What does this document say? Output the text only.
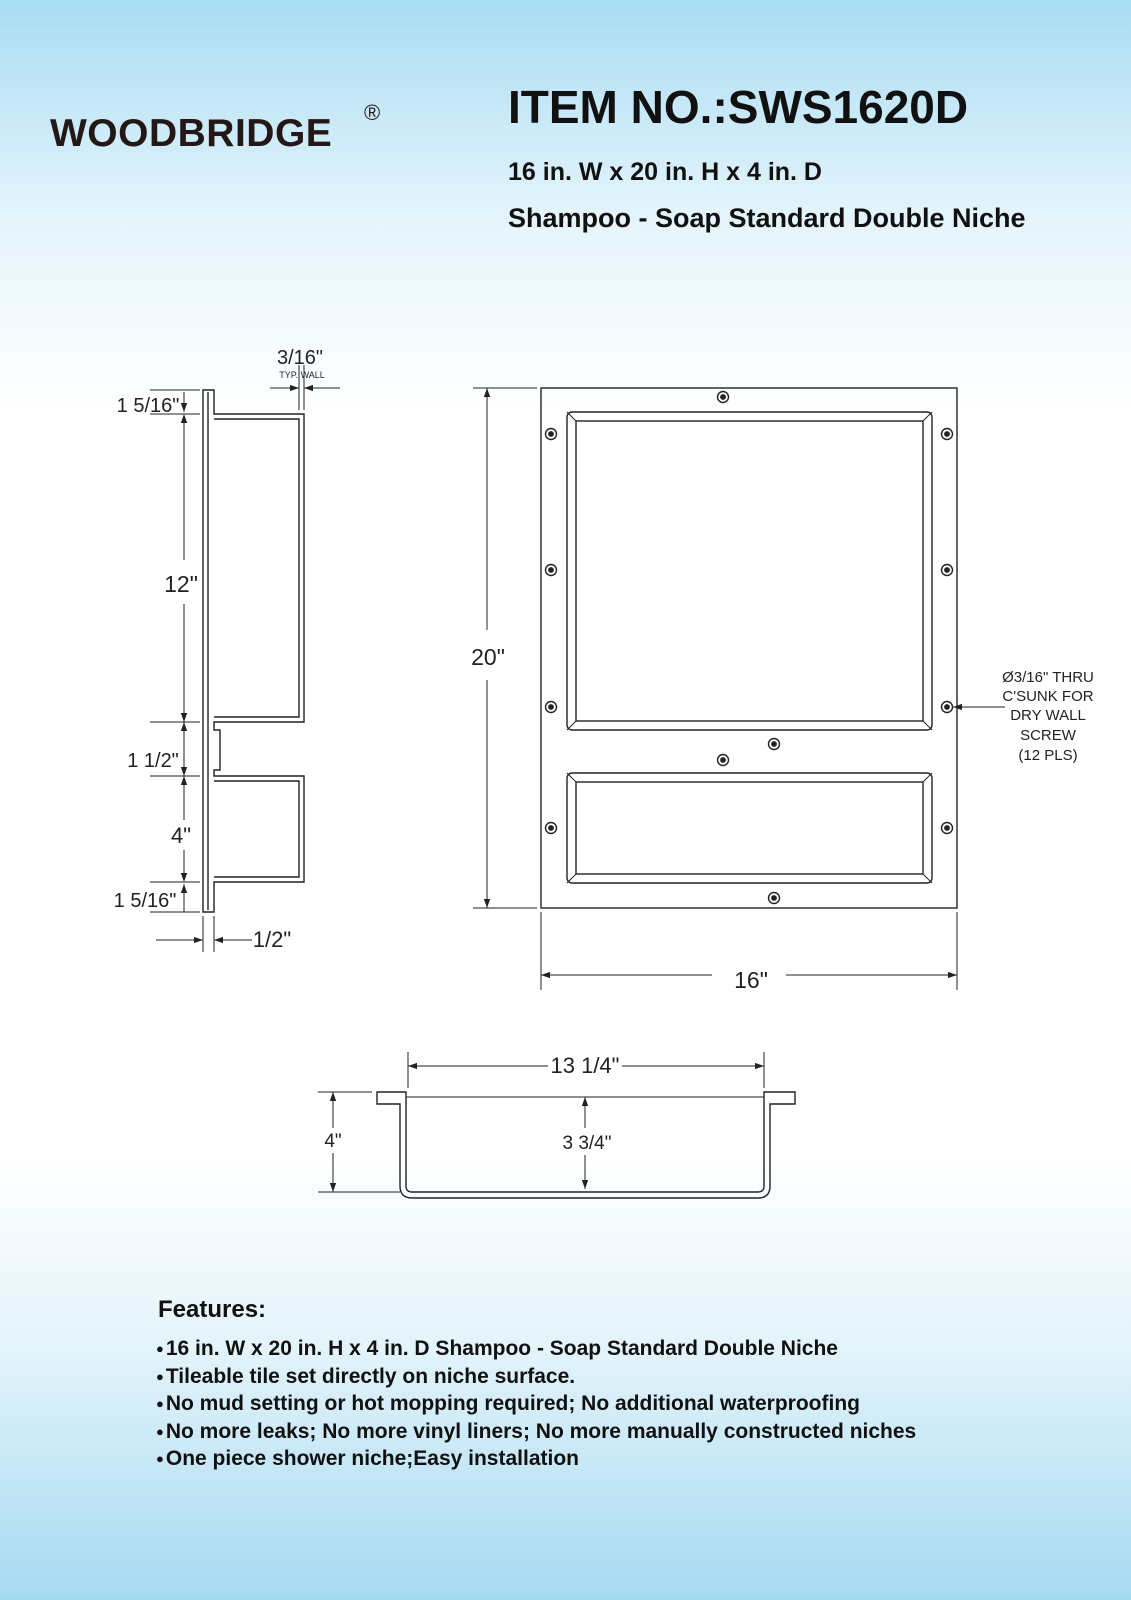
WOODBRIDGE ®	ITEM NO.:SWS1620D
16 in. W x 20 in. H x 4 in. D
Shampoo - Soap Standard Double Niche
3/16"
TYP. WALL
1 5/16"
12"
1 1/2"
4"
1 5/16"
1/2"
20"
16"
Ø3/16" THRU
C'SUNK FOR
DRY WALL
SCREW
(12 PLS)
13 1/4"
4"	3 3/4"
Features:
● 16 in. W x 20 in. H x 4 in. D Shampoo - Soap Standard Double Niche
● Tileable tile set directly on niche surface.
● No mud setting or hot mopping required; No additional waterproofing
● No more leaks; No more vinyl liners; No more manually constructed niches
● One piece shower niche;Easy installation
